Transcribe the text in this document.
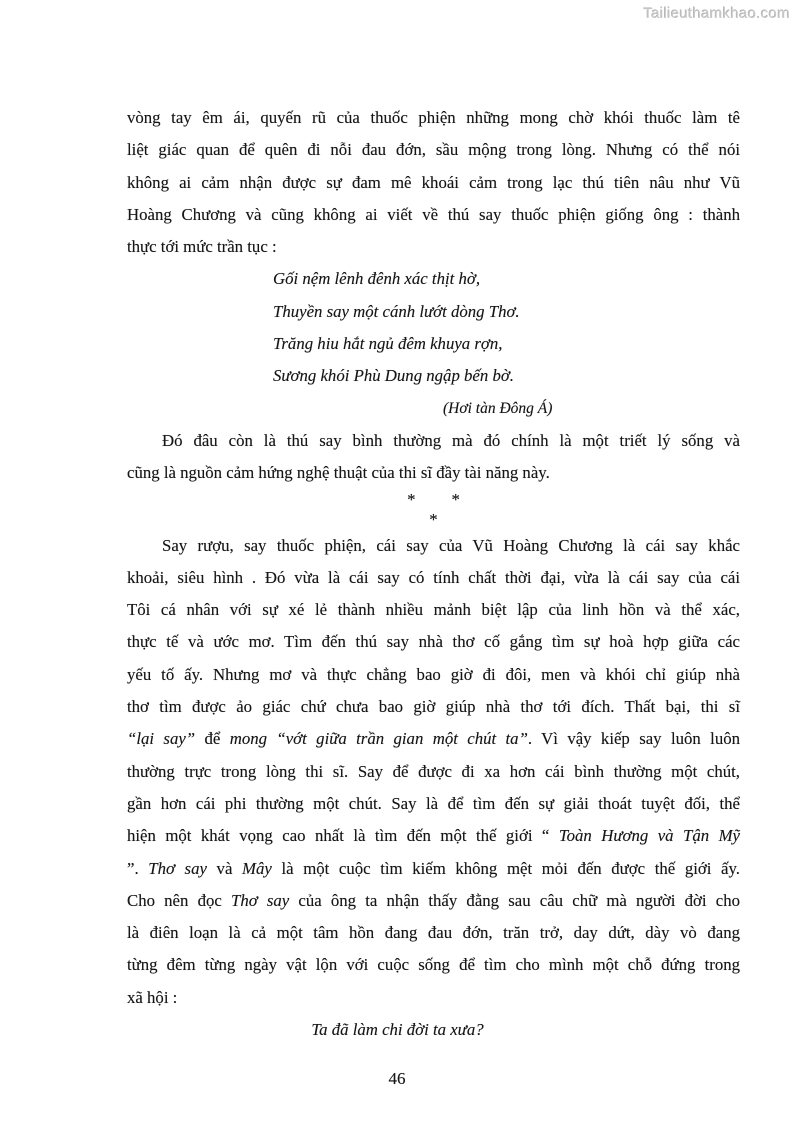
Tailieuthamkhao.com
vòng tay êm ái, quyến rũ của thuốc phiện những mong chờ khói thuốc làm tê
liệt giác quan để quên đi nỗi đau đớn, sầu mộng trong lòng. Nhưng có thể nói
không ai cảm nhận được sự đam mê khoái cảm trong lạc thú tiên nâu như Vũ
Hoàng Chương và cũng không ai viết về thú say thuốc phiện giống ông : thành
thực tới mức trần tục :
Gối nệm lênh đênh xác thịt hờ,
Thuyền say một cánh lướt dòng Thơ.
Trăng hiu hắt ngủ đêm khuya rợn,
Sương khói Phù Dung ngập bến bờ.
(Hơi tàn Đông Á)
Đó đâu còn là thú say bình thường mà đó chính là một triết lý sống và
cũng là nguồn cảm hứng nghệ thuật của thi sĩ đầy tài năng này.
* *
*
Say rượu, say thuốc phiện, cái say của Vũ Hoàng Chương là cái say khắc
khoải, siêu hình . Đó vừa là cái say có tính chất thời đại, vừa là cái say của cái
Tôi cá nhân với sự xé lẻ thành nhiều mảnh biệt lập của linh hồn và thể xác,
thực tế và ước mơ. Tìm đến thú say nhà thơ cố gắng tìm sự hoà hợp giữa các
yếu tố ấy. Nhưng mơ và thực chẳng bao giờ đi đôi, men và khói chỉ giúp nhà
thơ tìm được ảo giác chứ chưa bao giờ giúp nhà thơ tới đích. Thất bại, thi sĩ
“lại say” để mong “vớt giữa trần gian một chút ta”. Vì vậy kiếp say luôn luôn
thường trực trong lòng thi sĩ. Say để được đi xa hơn cái bình thường một chút,
gần hơn cái phi thường một chút. Say là để tìm đến sự giải thoát tuyệt đối, thể
hiện một khát vọng cao nhất là tìm đến một thế giới “ Toàn Hương và Tận Mỹ
”. Thơ say và Mây là một cuộc tìm kiếm không mệt mỏi đến được thế giới ấy.
Cho nên đọc Thơ say của ông ta nhận thấy đằng sau câu chữ mà người đời cho
là điên loạn là cả một tâm hồn đang đau đớn, trăn trở, day dứt, dày vò đang
từng đêm từng ngày vật lộn với cuộc sống để tìm cho mình một chỗ đứng trong
xã hội :
Ta đã làm chi đời ta xưa?
46
